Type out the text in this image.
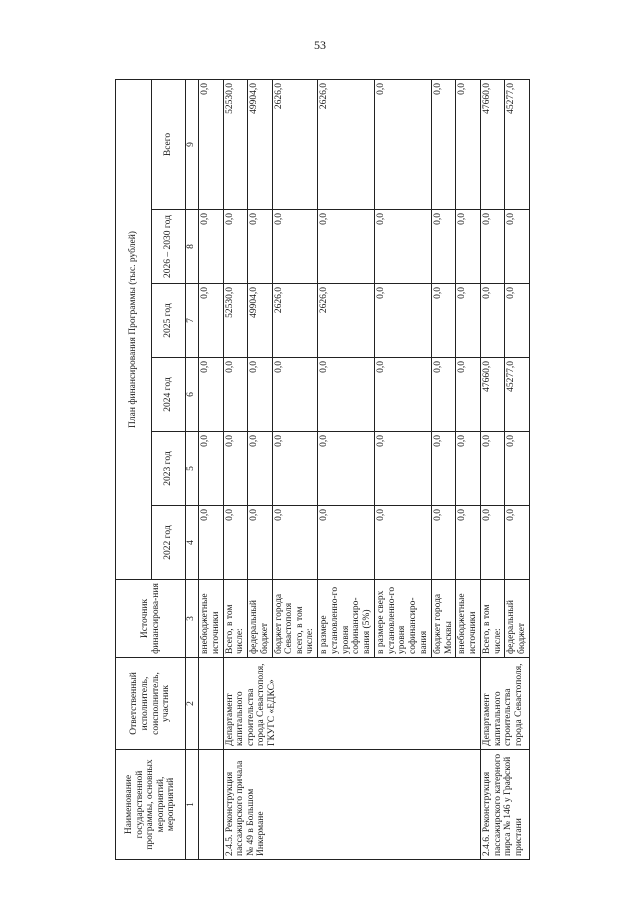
53
Наименование государственной программы, основных мероприятий, мероприятий	Ответственный исполнитель, соисполнитель, участник	Источник финансирова-ния	План финансирования Программы (тыс. рублей)					
			2022 год	2023 год	2024 год	2025 год	2026 – 2030 год	Всего
1	2	3	4	5	6	7	8	9
		внебюджетные источники	0,0	0,0	0,0	0,0	0,0	0,0
2.4.5. Реконструкция пассажирского причала № 49 в Большом Инкермане	Департамент капитального строительства города Севастополя, ГКУГС «ЕДКС»	Всего, в том числе:	0,0	0,0	0,0	52530,0	0,0	52530,0
		федеральный бюджет	0,0	0,0	0,0	49904,0	0,0	49904,0
		бюджет города Севастополя всего, в том числе:	0,0	0,0	0,0	2626,0	0,0	2626,0
		в размере установленно-го уровня софинансиро-вания (5%)	0,0	0,0	0,0	2626,0	0,0	2626,0
		в размере сверх установленно-го уровня софинансиро-вания	0,0	0,0	0,0	0,0	0,0	0,0
		бюджет города Москвы	0,0	0,0	0,0	0,0	0,0	0,0
		внебюджетные источники	0,0	0,0	0,0	0,0	0,0	0,0
2.4.6. Реконструкция пассажирского катерного пирса № 146 у Графской пристани	Департамент капитального строительства города Севастополя,	Всего, в том числе:	0,0	0,0	47660,0	0,0	0,0	47660,0
		федеральный бюджет	0,0	0,0	45277,0	0,0	0,0	45277,0
